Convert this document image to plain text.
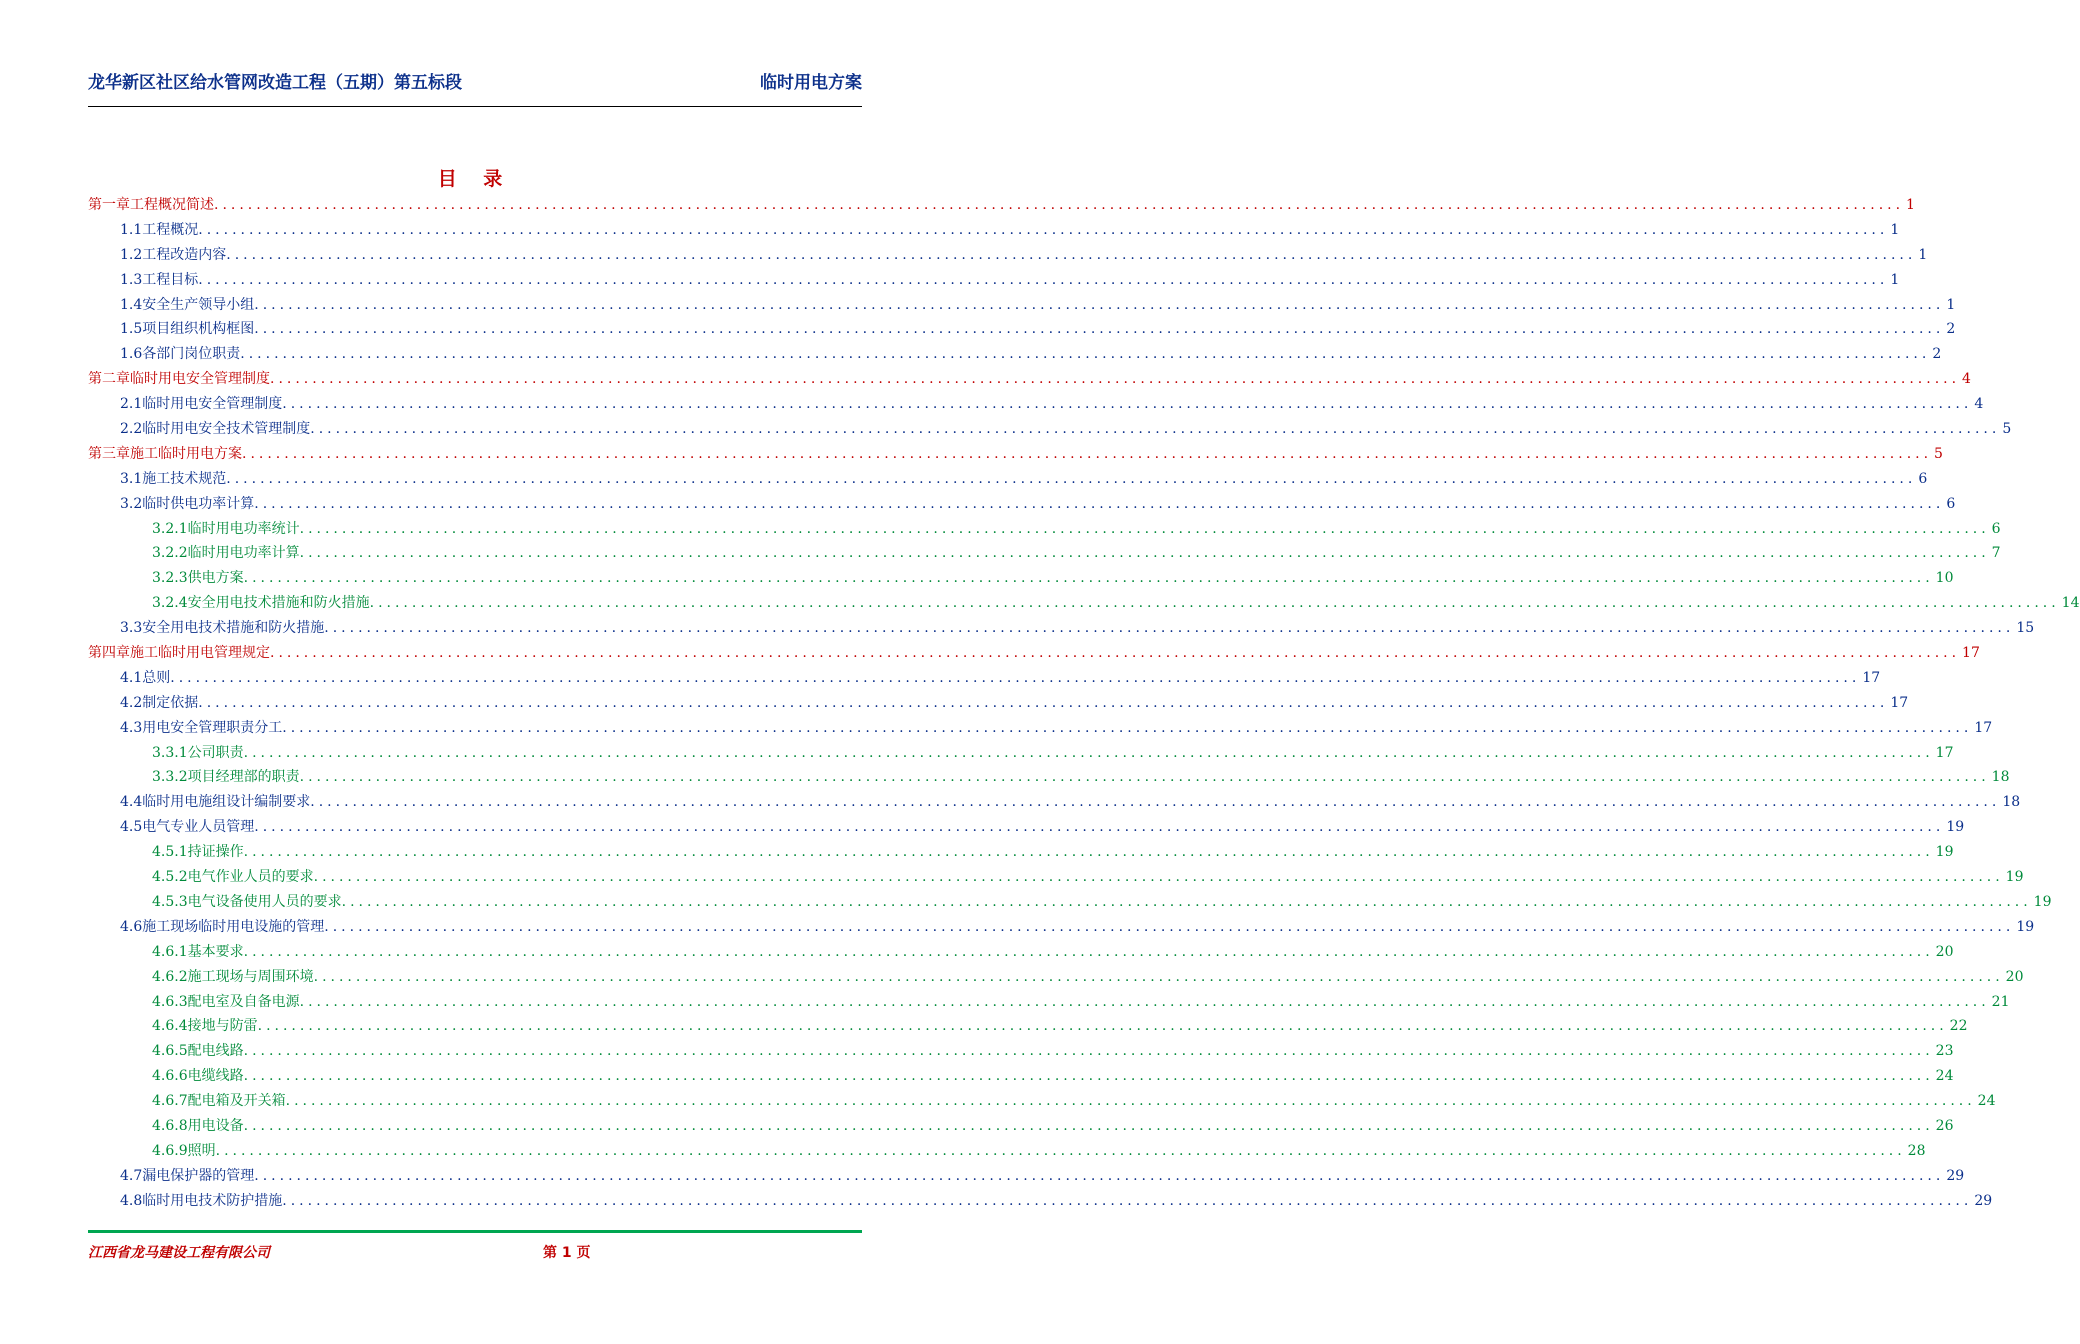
龙华新区社区给水管网改造工程（五期）第五标段	临时用电方案
目 录
第一章 工程概况简述 ........................................................................................................................................................................................................ 1
1.1 工程概况 ........................................................................................................................................................................................................ 1
1.2 工程改造内容 ........................................................................................................................................................................................................ 1
1.3 工程目标 ........................................................................................................................................................................................................ 1
1.4 安全生产领导小组 ........................................................................................................................................................................................................ 1
1.5 项目组织机构框图 ........................................................................................................................................................................................................ 2
1.6 各部门岗位职责 ........................................................................................................................................................................................................ 2
第二章 临时用电安全管理制度 ........................................................................................................................................................................................................ 4
2.1 临时用电安全管理制度 ........................................................................................................................................................................................................ 4
2.2 临时用电安全技术管理制度 ........................................................................................................................................................................................................ 5
第三章 施工临时用电方案 ........................................................................................................................................................................................................ 5
3.1 施工技术规范 ........................................................................................................................................................................................................ 6
3.2 临时供电功率计算 ........................................................................................................................................................................................................ 6
3.2.1 临时用电功率统计 ........................................................................................................................................................................................................ 6
3.2.2 临时用电功率计算 ........................................................................................................................................................................................................ 7
3.2.3 供电方案 ........................................................................................................................................................................................................ 10
3.2.4 安全用电技术措施和防火措施 ........................................................................................................................................................................................................ 14
3.3 安全用电技术措施和防火措施 ........................................................................................................................................................................................................ 15
第四章 施工临时用电管理规定 ........................................................................................................................................................................................................ 17
4.1 总则 ........................................................................................................................................................................................................ 17
4.2 制定依据 ........................................................................................................................................................................................................ 17
4.3 用电安全管理职责分工 ........................................................................................................................................................................................................ 17
3.3.1 公司职责 ........................................................................................................................................................................................................ 17
3.3.2 项目经理部的职责 ........................................................................................................................................................................................................ 18
4.4 临时用电施组设计编制要求 ........................................................................................................................................................................................................ 18
4.5 电气专业人员管理 ........................................................................................................................................................................................................ 19
4.5.1 持证操作 ........................................................................................................................................................................................................ 19
4.5.2 电气作业人员的要求 ........................................................................................................................................................................................................ 19
4.5.3 电气设备使用人员的要求 ........................................................................................................................................................................................................ 19
4.6 施工现场临时用电设施的管理 ........................................................................................................................................................................................................ 19
4.6.1 基本要求 ........................................................................................................................................................................................................ 20
4.6.2 施工现场与周围环境 ........................................................................................................................................................................................................ 20
4.6.3 配电室及自备电源 ........................................................................................................................................................................................................ 21
4.6.4 接地与防雷 ........................................................................................................................................................................................................ 22
4.6.5 配电线路 ........................................................................................................................................................................................................ 23
4.6.6 电缆线路 ........................................................................................................................................................................................................ 24
4.6.7 配电箱及开关箱 ........................................................................................................................................................................................................ 24
4.6.8 用电设备 ........................................................................................................................................................................................................ 26
4.6.9 照明 ........................................................................................................................................................................................................ 28
4.7 漏电保护器的管理 ........................................................................................................................................................................................................ 29
4.8 临时用电技术防护措施 ........................................................................................................................................................................................................ 29
江西省龙马建设工程有限公司	第 1 页
